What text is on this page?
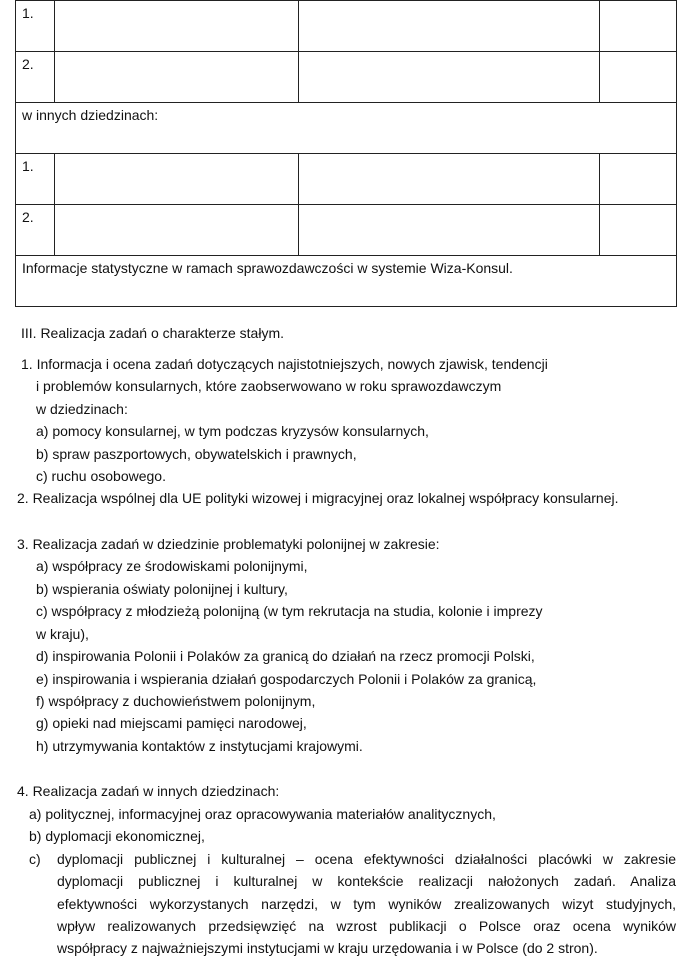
1.			
2.			
w innych dziedzinach:			
1.			
2.			
Informacje statystyczne w ramach sprawozdawczości w systemie Wiza-Konsul.			
III. Realizacja zadań o charakterze stałym.
1. Informacja i ocena zadań dotyczących najistotniejszych, nowych zjawisk, tendencji
i problemów konsularnych, które zaobserwowano w roku sprawozdawczym
w dziedzinach:
a) pomocy konsularnej, w tym podczas kryzysów konsularnych,
b) spraw paszportowych, obywatelskich i prawnych,
c) ruchu osobowego.
2. Realizacja wspólnej dla UE polityki wizowej i migracyjnej oraz lokalnej współpracy konsularnej.
3. Realizacja zadań w dziedzinie problematyki polonijnej w zakresie:
a) współpracy ze środowiskami polonijnymi,
b) wspierania oświaty polonijnej i kultury,
c) współpracy z młodzieżą polonijną (w tym rekrutacja na studia, kolonie i imprezy
w kraju),
d) inspirowania Polonii i Polaków za granicą do działań na rzecz promocji Polski,
e) inspirowania i wspierania działań gospodarczych Polonii i Polaków za granicą,
f) współpracy z duchowieństwem polonijnym,
g) opieki nad miejscami pamięci narodowej,
h) utrzymywania kontaktów z instytucjami krajowymi.
4. Realizacja zadań w innych dziedzinach:
a) politycznej, informacyjnej oraz opracowywania materiałów analitycznych,
b) dyplomacji ekonomicznej,
c) dyplomacji publicznej i kulturalnej – ocena efektywności działalności placówki w zakresie
dyplomacji publicznej i kulturalnej w kontekście realizacji nałożonych zadań. Analiza
efektywności wykorzystanych narzędzi, w tym wyników zrealizowanych wizyt studyjnych,
wpływ realizowanych przedsięwzięć na wzrost publikacji o Polsce oraz ocena wyników
współpracy z najważniejszymi instytucjami w kraju urzędowania i w Polsce (do 2 stron).
